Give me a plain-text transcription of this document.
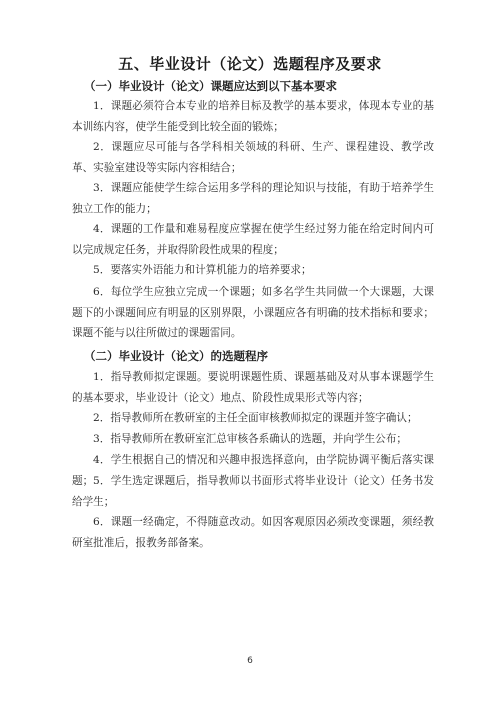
五、毕业设计（论文）选题程序及要求
（一）毕业设计（论文）课题应达到以下基本要求
1．课题必须符合本专业的培养目标及教学的基本要求，体现本专业的基本训练内容，使学生能受到比较全面的锻炼；
2．课题应尽可能与各学科相关领域的科研、生产、课程建设、教学改革、实验室建设等实际内容相结合；
3．课题应能使学生综合运用多学科的理论知识与技能，有助于培养学生独立工作的能力；
4．课题的工作量和难易程度应掌握在使学生经过努力能在给定时间内可以完成规定任务，并取得阶段性成果的程度；
5．要落实外语能力和计算机能力的培养要求；
6．每位学生应独立完成一个课题；如多名学生共同做一个大课题，大课题下的小课题间应有明显的区别界限，小课题应各有明确的技术指标和要求；课题不能与以往所做过的课题雷同。
（二）毕业设计（论文）的选题程序
1．指导教师拟定课题。要说明课题性质、课题基础及对从事本课题学生的基本要求，毕业设计（论文）地点、阶段性成果形式等内容；
2．指导教师所在教研室的主任全面审核教师拟定的课题并签字确认；
3．指导教师所在教研室汇总审核各系确认的选题，并向学生公布；
4．学生根据自己的情况和兴趣申报选择意向，由学院协调平衡后落实课题； 5．学生选定课题后，指导教师以书面形式将毕业设计（论文）任务书发给学生；
6．课题一经确定，不得随意改动。如因客观原因必须改变课题，须经教研室批准后，报教务部备案。
6
